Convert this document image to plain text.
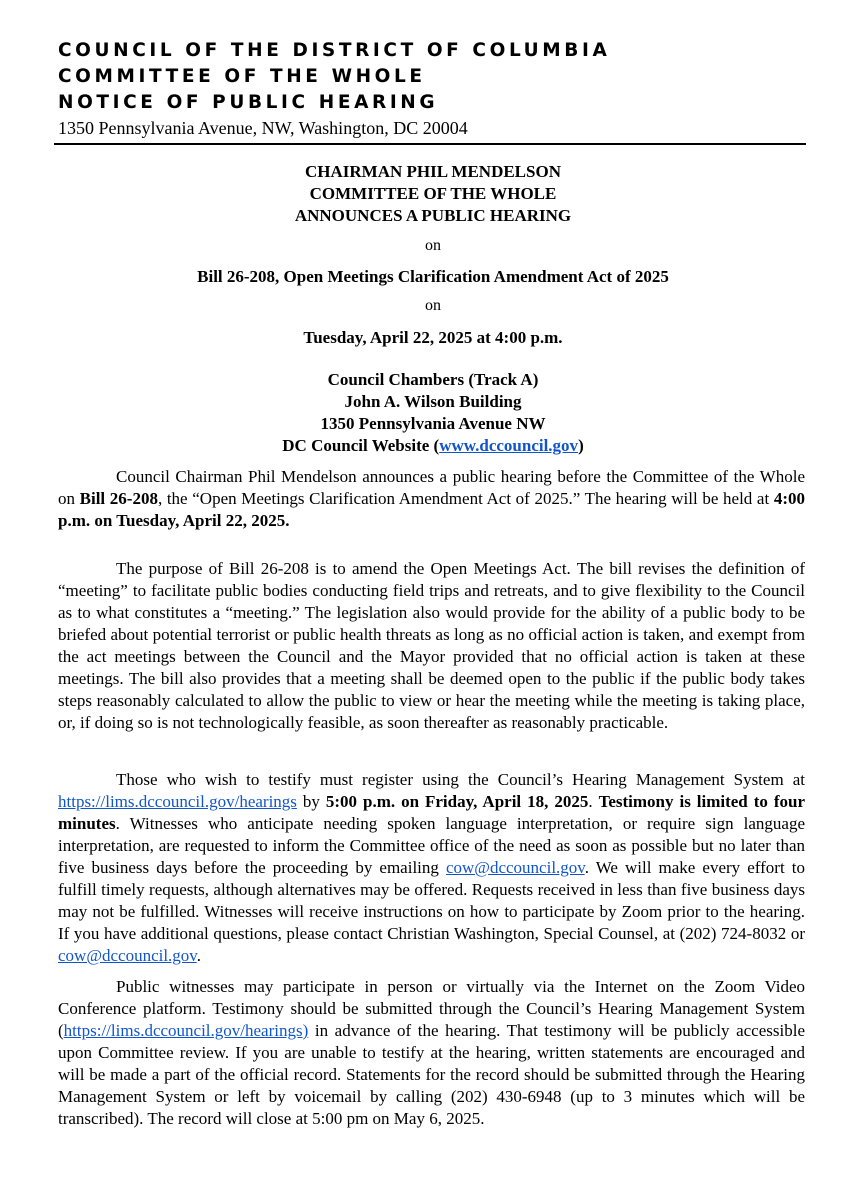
COUNCIL OF THE DISTRICT OF COLUMBIA
COMMITTEE OF THE WHOLE
NOTICE OF PUBLIC HEARING
1350 Pennsylvania Avenue, NW, Washington, DC 20004
CHAIRMAN PHIL MENDELSON
COMMITTEE OF THE WHOLE
ANNOUNCES A PUBLIC HEARING
on
Bill 26-208, Open Meetings Clarification Amendment Act of 2025
on
Tuesday, April 22, 2025 at 4:00 p.m.
Council Chambers (Track A)
John A. Wilson Building
1350 Pennsylvania Avenue NW
DC Council Website (www.dccouncil.gov)
Council Chairman Phil Mendelson announces a public hearing before the Committee of the Whole on Bill 26-208, the “Open Meetings Clarification Amendment Act of 2025.” The hearing will be held at 4:00 p.m. on Tuesday, April 22, 2025.
The purpose of Bill 26-208 is to amend the Open Meetings Act. The bill revises the definition of “meeting” to facilitate public bodies conducting field trips and retreats, and to give flexibility to the Council as to what constitutes a “meeting.” The legislation also would provide for the ability of a public body to be briefed about potential terrorist or public health threats as long as no official action is taken, and exempt from the act meetings between the Council and the Mayor provided that no official action is taken at these meetings. The bill also provides that a meeting shall be deemed open to the public if the public body takes steps reasonably calculated to allow the public to view or hear the meeting while the meeting is taking place, or, if doing so is not technologically feasible, as soon thereafter as reasonably practicable.
Those who wish to testify must register using the Council’s Hearing Management System at https://lims.dccouncil.gov/hearings by 5:00 p.m. on Friday, April 18, 2025. Testimony is limited to four minutes. Witnesses who anticipate needing spoken language interpretation, or require sign language interpretation, are requested to inform the Committee office of the need as soon as possible but no later than five business days before the proceeding by emailing cow@dccouncil.gov. We will make every effort to fulfill timely requests, although alternatives may be offered. Requests received in less than five business days may not be fulfilled. Witnesses will receive instructions on how to participate by Zoom prior to the hearing. If you have additional questions, please contact Christian Washington, Special Counsel, at (202) 724-8032 or cow@dccouncil.gov.
Public witnesses may participate in person or virtually via the Internet on the Zoom Video Conference platform. Testimony should be submitted through the Council’s Hearing Management System (https://lims.dccouncil.gov/hearings) in advance of the hearing. That testimony will be publicly accessible upon Committee review. If you are unable to testify at the hearing, written statements are encouraged and will be made a part of the official record. Statements for the record should be submitted through the Hearing Management System or left by voicemail by calling (202) 430-6948 (up to 3 minutes which will be transcribed). The record will close at 5:00 pm on May 6, 2025.
